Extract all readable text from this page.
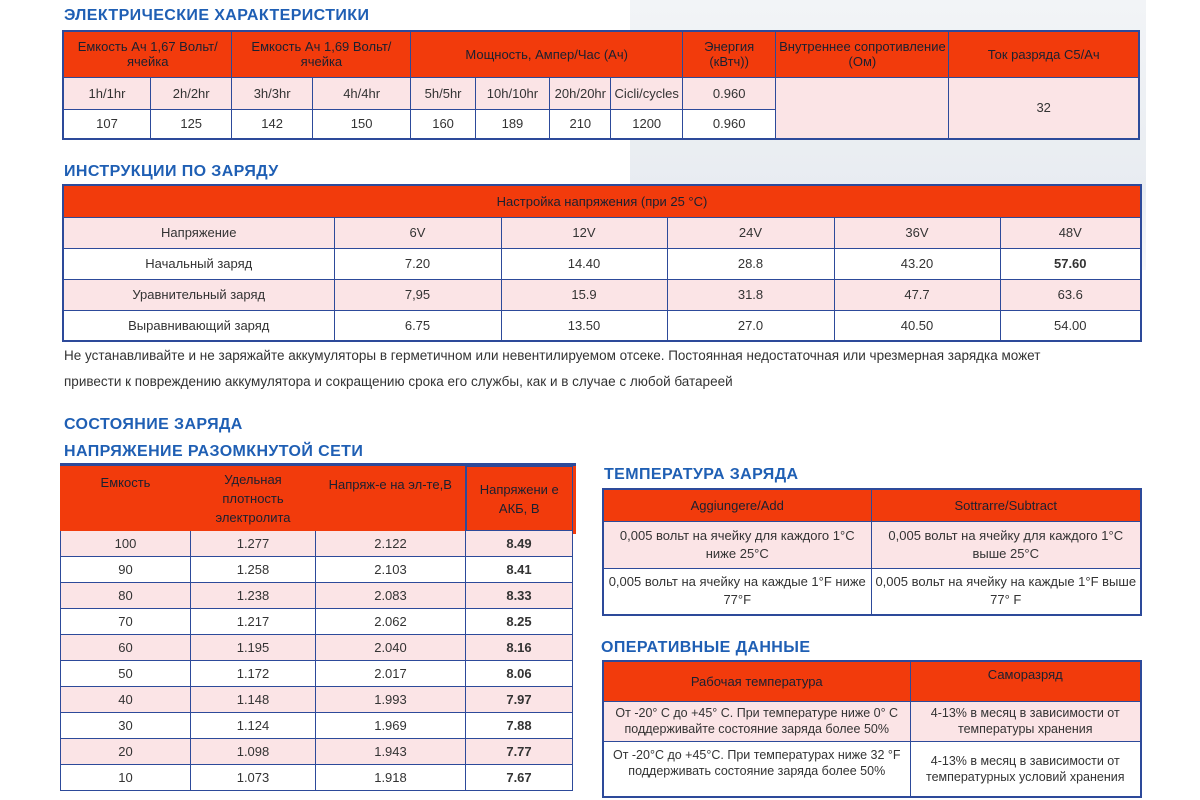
ЭЛЕКТРИЧЕСКИЕ ХАРАКТЕРИСТИКИ
Емкость Ач 1,67 Вольт/ячейка		Емкость Ач 1,69 Вольт/ячейка		Мощность, Ампер/Час (Ач)				Энергия (кВтч))	Внутреннее сопротивление (Ом)	Ток разряда С5/Ач
1h/1hr	2h/2hr	3h/3hr	4h/4hr	5h/5hr	10h/10hr	20h/20hr	Cicli/cycles	0.960		32
107	125	142	150	160	189	210	1200	0.960		
ИНСТРУКЦИИ ПО ЗАРЯДУ
Настройка напряжения (при 25 °C)					
Напряжение	6V	12V	24V	36V	48V
Начальный заряд	7.20	14.40	28.8	43.20	57.60
Уравнительный заряд	7,95	15.9	31.8	47.7	63.6
Выравнивающий заряд	6.75	13.50	27.0	40.50	54.00

Не устанавливайте и не заряжайте аккумуляторы в герметичном или невентилируемом отсеке. Постоянная недостаточная или чрезмерная зарядка может

привести к повреждению аккумулятора и сокращению срока его службы, как и в случае с любой батареей

СОСТОЯНИЕ ЗАРЯДА
НАПРЯЖЕНИЕ РАЗОМКНУТОЙ СЕТИ
Емкость	Удельная плотность электролита	Напряж-е на эл-те,В	Напряжени е АКБ, В
100	1.277	2.122	8.49
90	1.258	2.103	8.41
80	1.238	2.083	8.33
70	1.217	2.062	8.25
60	1.195	2.040	8.16
50	1.172	2.017	8.06
40	1.148	1.993	7.97
30	1.124	1.969	7.88
20	1.098	1.943	7.77
10	1.073	1.918	7.67
ТЕМПЕРАТУРА ЗАРЯДА
Aggiungere/Add	Sottrarre/Subtract
0,005 вольт на ячейку для каждого 1°C ниже 25°C	0,005 вольт на ячейку для каждого 1°C выше 25°C
0,005 вольт на ячейку на каждые 1°F ниже 77°F	0,005 вольт на ячейку на каждые 1°F выше 77° F
ОПЕРАТИВНЫЕ ДАННЫЕ
Рабочая температура	Саморазряд
От -20° C до +45° C. При температуре ниже 0° C поддерживайте состояние заряда более 50%	4-13% в месяц в зависимости от температуры хранения
От -20°C до +45°C. При температурах ниже 32 °F поддерживать состояние заряда более 50%	4-13% в месяц в зависимости от температурных условий хранения
